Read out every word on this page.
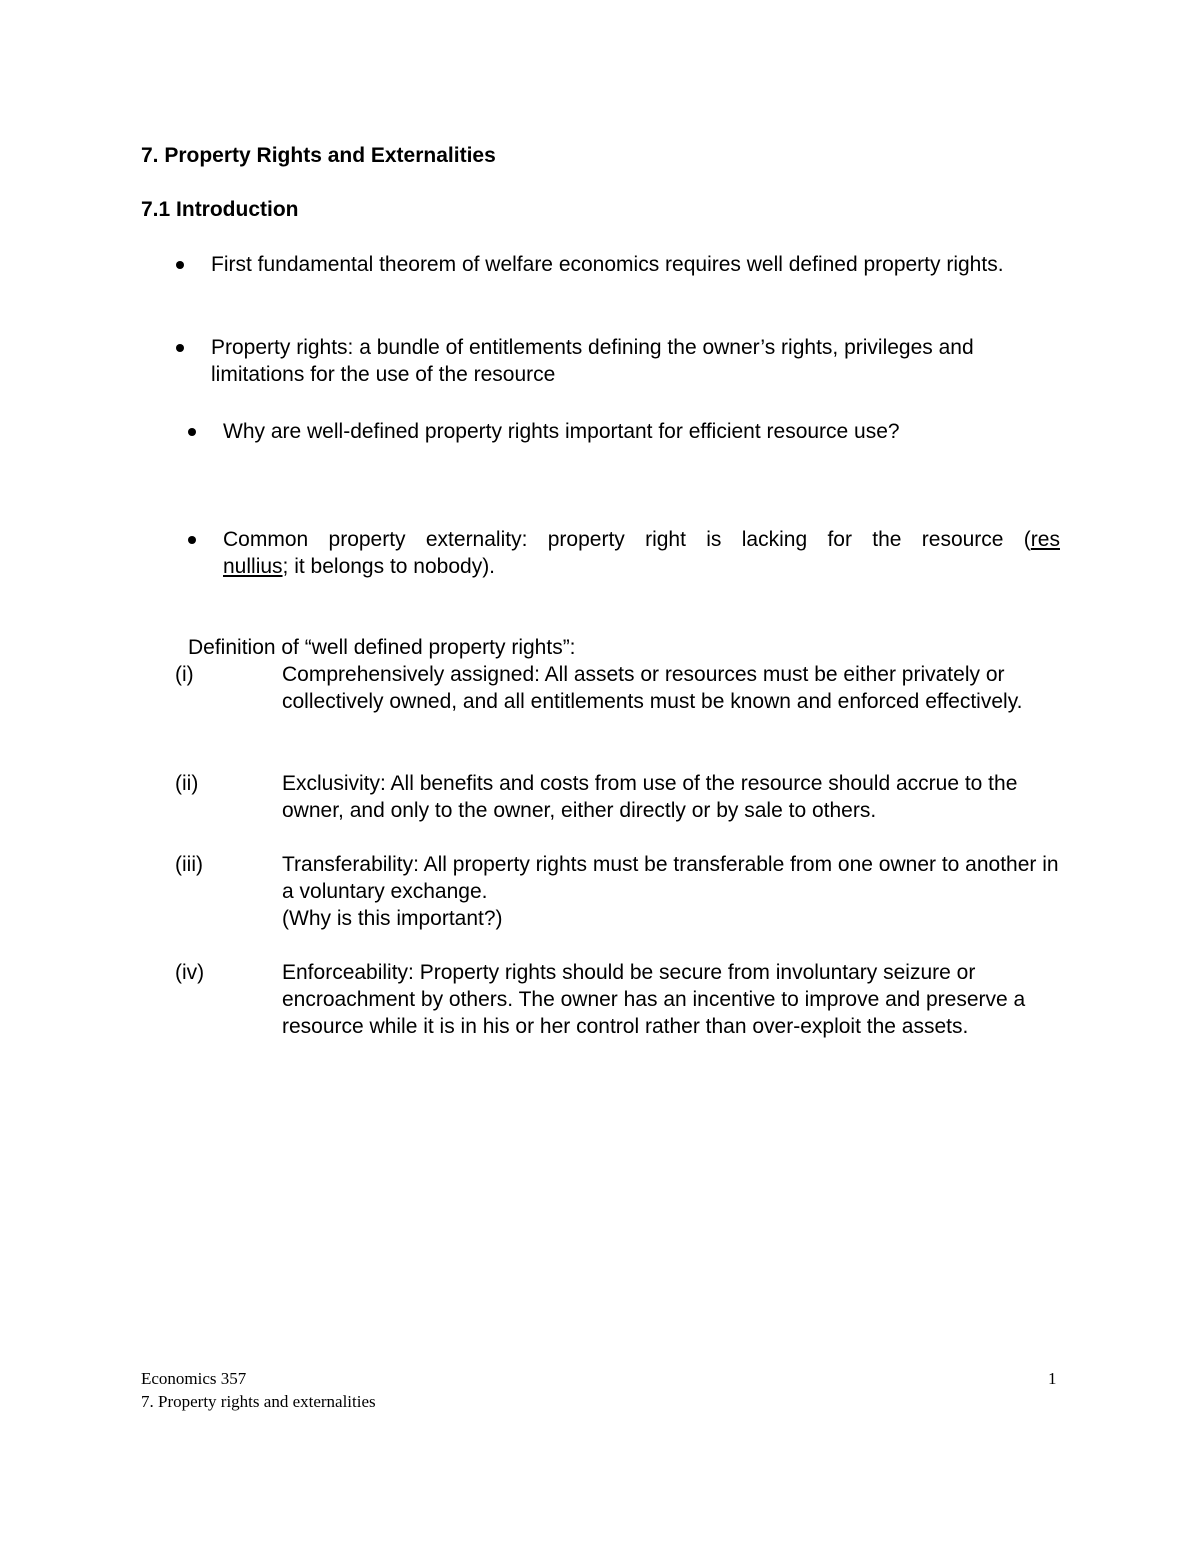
7. Property Rights and Externalities
7.1 Introduction
First fundamental theorem of welfare economics requires well defined property rights.
Property rights: a bundle of entitlements defining the owner’s rights, privileges and limitations for the use of the resource
Why are well-defined property rights important for efficient resource use?
Common property externality: property right is lacking for the resource (res
nullius; it belongs to nobody).
Definition of “well defined property rights”:
(i)	Comprehensively assigned: All assets or resources must be either privately or collectively owned, and all entitlements must be known and enforced effectively.
(ii)	Exclusivity: All benefits and costs from use of the resource should accrue to the owner, and only to the owner, either directly or by sale to others.
(iii)	Transferability: All property rights must be transferable from one owner to another in a voluntary exchange.
(Why is this important?)
(iv)	Enforceability: Property rights should be secure from involuntary seizure or encroachment by others. The owner has an incentive to improve and preserve a resource while it is in his or her control rather than over-exploit the assets.
Economics 357
7. Property rights and externalities
1
